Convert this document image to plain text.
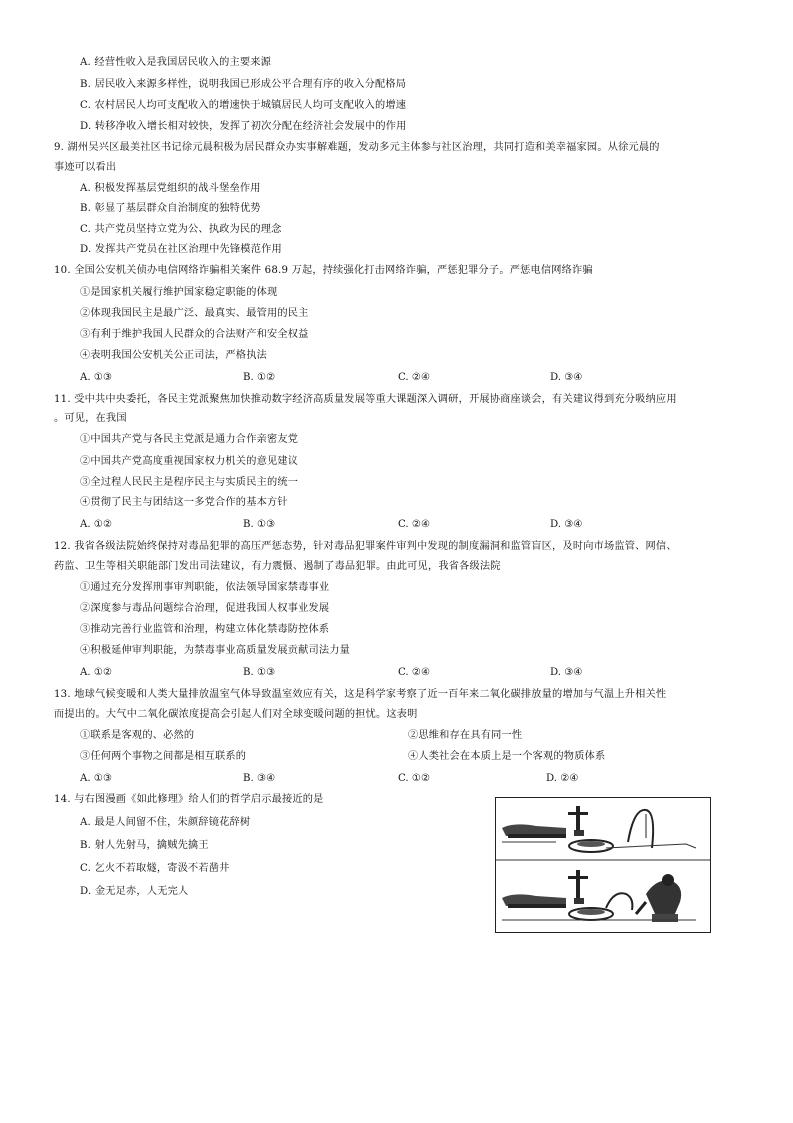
A. 经营性收入是我国居民收入的主要来源
B. 居民收入来源多样性，说明我国已形成公平合理有序的收入分配格局
C. 农村居民人均可支配收入的增速快于城镇居民人均可支配收入的增速
D. 转移净收入增长相对较快，发挥了初次分配在经济社会发展中的作用
9. 湖州吴兴区最美社区书记徐元晨积极为居民群众办实事解难题，发动多元主体参与社区治理，共同打造和美幸福家园。从徐元晨的
事迹可以看出
A. 积极发挥基层党组织的战斗堡垒作用
B. 彰显了基层群众自治制度的独特优势
C. 共产党员坚持立党为公、执政为民的理念
D. 发挥共产党员在社区治理中先锋模范作用
10. 全国公安机关侦办电信网络诈骗相关案件 68.9 万起，持续强化打击网络诈骗，严惩犯罪分子。严惩电信网络诈骗
①是国家机关履行维护国家稳定职能的体现
②体现我国民主是最广泛、最真实、最管用的民主
③有利于维护我国人民群众的合法财产和安全权益
④表明我国公安机关公正司法，严格执法
A. ①③	B. ①②	C. ②④	D. ③④
11. 受中共中央委托，各民主党派聚焦加快推动数字经济高质量发展等重大课题深入调研，开展协商座谈会，有关建议得到充分吸纳应用
。可见，在我国
①中国共产党与各民主党派是通力合作亲密友党
②中国共产党高度重视国家权力机关的意见建议
③全过程人民民主是程序民主与实质民主的统一
④贯彻了民主与团结这一多党合作的基本方针
A. ①②	B. ①③	C. ②④	D. ③④
12. 我省各级法院始终保持对毒品犯罪的高压严惩态势，针对毒品犯罪案件审判中发现的制度漏洞和监管盲区，及时向市场监管、网信、
药监、卫生等相关职能部门发出司法建议，有力震慑、遏制了毒品犯罪。由此可见，我省各级法院
①通过充分发挥刑事审判职能，依法领导国家禁毒事业
②深度参与毒品问题综合治理，促进我国人权事业发展
③推动完善行业监管和治理，构建立体化禁毒防控体系
④积极延伸审判职能，为禁毒事业高质量发展贡献司法力量
A. ①②	B. ①③	C. ②④	D. ③④
13. 地球气候变暖和人类大量排放温室气体导致温室效应有关，这是科学家考察了近一百年来二氧化碳排放量的增加与气温上升相关性
而提出的。大气中二氧化碳浓度提高会引起人们对全球变暖问题的担忧。这表明
①联系是客观的、必然的	②思维和存在具有同一性
③任何两个事物之间都是相互联系的	④人类社会在本质上是一个客观的物质体系
A. ①③	B. ③④	C. ①②	D. ②④
14. 与右图漫画《如此修理》给人们的哲学启示最接近的是
A. 最是人间留不住，朱颜辞镜花辞树
B. 射人先射马，擒贼先擒王
C. 乞火不若取燧，寄汲不若凿井
D. 金无足赤，人无完人
